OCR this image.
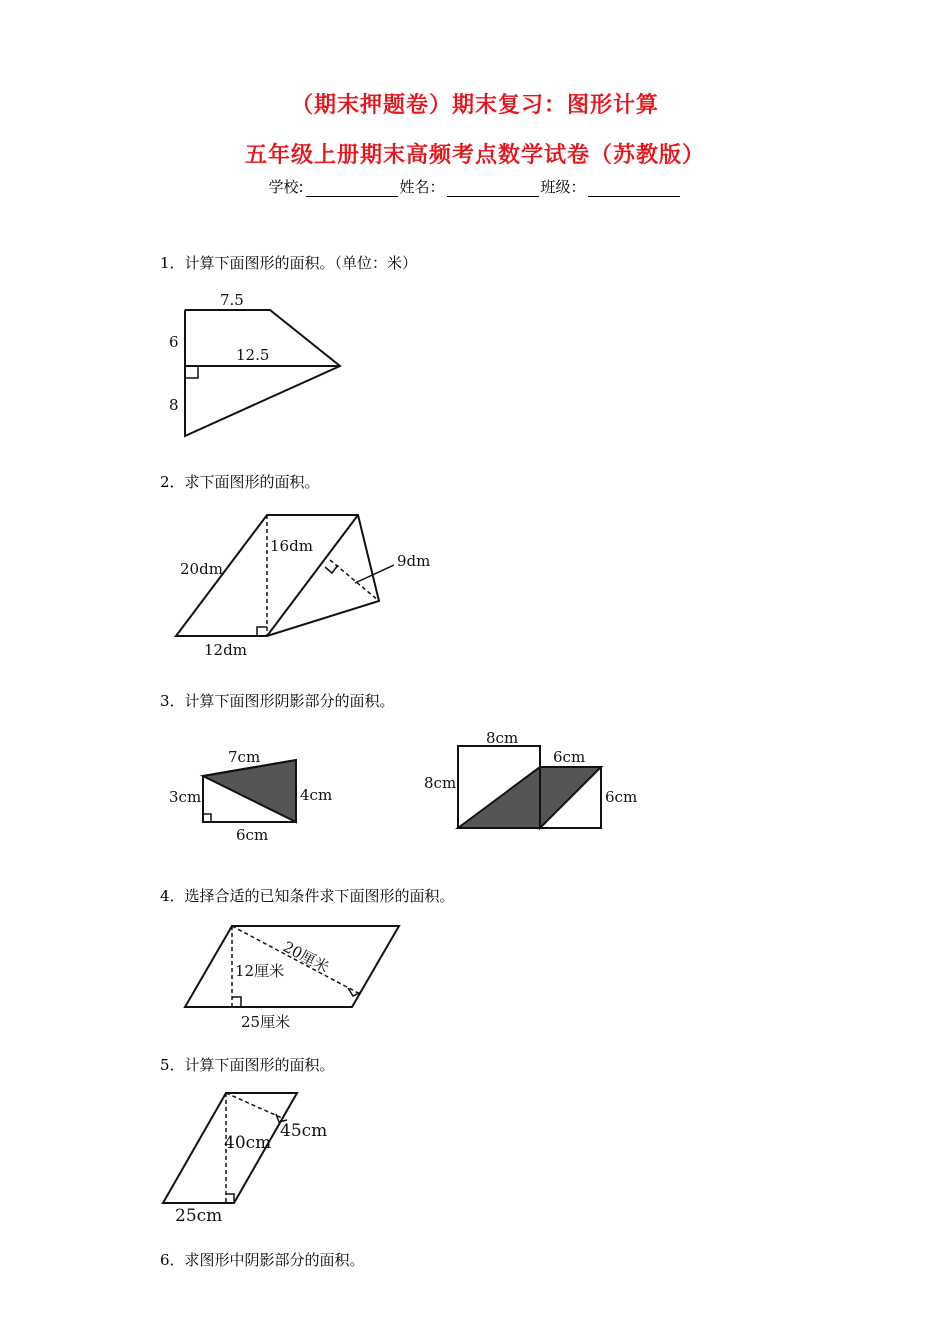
（期末押题卷）期末复习：图形计算
五年级上册期末高频考点数学试卷（苏教版）
学校:	姓名：	班级：
1．计算下面图形的面积。（单位：米）
2．求下面图形的面积。
3．计算下面图形阴影部分的面积。
4．选择合适的已知条件求下面图形的面积。
5．计算下面图形的面积。
6．求图形中阴影部分的面积。
7.5
6
12.5
8
20dm
16dm
9dm
12dm
7cm
3cm	4cm
6cm
8cm
6cm
8cm
6cm
20厘米
12厘米
25厘米
40cm
45cm
25cm
